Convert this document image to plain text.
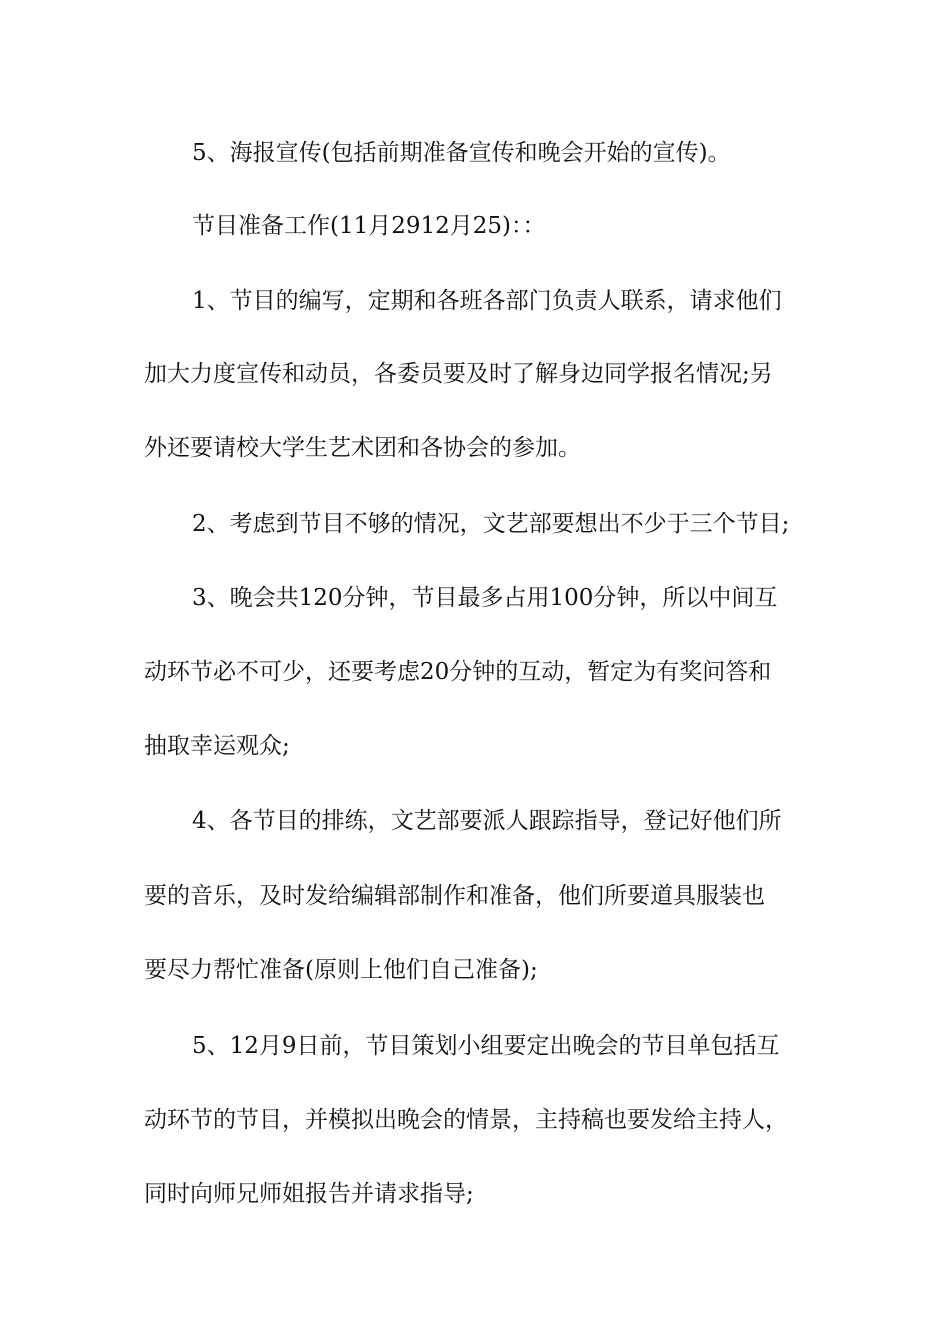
5、海报宣传(包括前期准备宣传和晚会开始的宣传)。
节目准备工作(11月2912月25)：：
1、节目的编写，定期和各班各部门负责人联系，请求他们
加大力度宣传和动员，各委员要及时了解身边同学报名情况;另
外还要请校大学生艺术团和各协会的参加。
2、考虑到节目不够的情况，文艺部要想出不少于三个节目;
3、晚会共120分钟，节目最多占用100分钟，所以中间互
动环节必不可少，还要考虑20分钟的互动，暂定为有奖问答和
抽取幸运观众;
4、各节目的排练，文艺部要派人跟踪指导，登记好他们所
要的音乐，及时发给编辑部制作和准备，他们所要道具服装也
要尽力帮忙准备(原则上他们自己准备);
5、12月9日前，节目策划小组要定出晚会的节目单包括互
动环节的节目，并模拟出晚会的情景，主持稿也要发给主持人，
同时向师兄师姐报告并请求指导;
